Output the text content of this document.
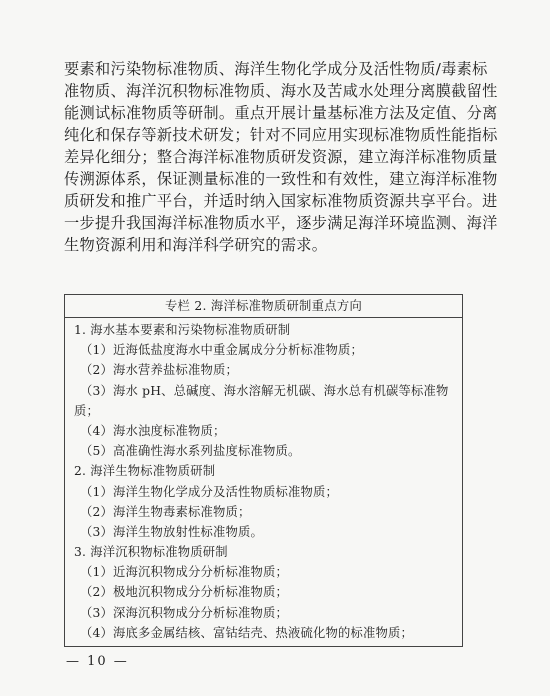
要素和污染物标准物质、海洋生物化学成分及活性物质/毒素标
准物质、海洋沉积物标准物质、海水及苦咸水处理分离膜截留性
能测试标准物质等研制。重点开展计量基标准方法及定值、分离
纯化和保存等新技术研发；针对不同应用实现标准物质性能指标
差异化细分；整合海洋标准物质研发资源，建立海洋标准物质量
传溯源体系，保证测量标准的一致性和有效性，建立海洋标准物
质研发和推广平台，并适时纳入国家标准物质资源共享平台。进
一步提升我国海洋标准物质水平，逐步满足海洋环境监测、海洋
生物资源利用和海洋科学研究的需求。
专栏 2. 海洋标准物质研制重点方向
1. 海水基本要素和污染物标准物质研制
（1）近海低盐度海水中重金属成分分析标准物质；
（2）海水营养盐标准物质；
（3）海水 pH、总碱度、海水溶解无机碳、海水总有机碳等标准物
质；
（4）海水浊度标准物质；
（5）高准确性海水系列盐度标准物质。
2. 海洋生物标准物质研制
（1）海洋生物化学成分及活性物质标准物质；
（2）海洋生物毒素标准物质；
（3）海洋生物放射性标准物质。
3. 海洋沉积物标准物质研制
（1）近海沉积物成分分析标准物质；
（2）极地沉积物成分分析标准物质；
（3）深海沉积物成分分析标准物质；
（4）海底多金属结核、富钴结壳、热液硫化物的标准物质；
— 10 —
